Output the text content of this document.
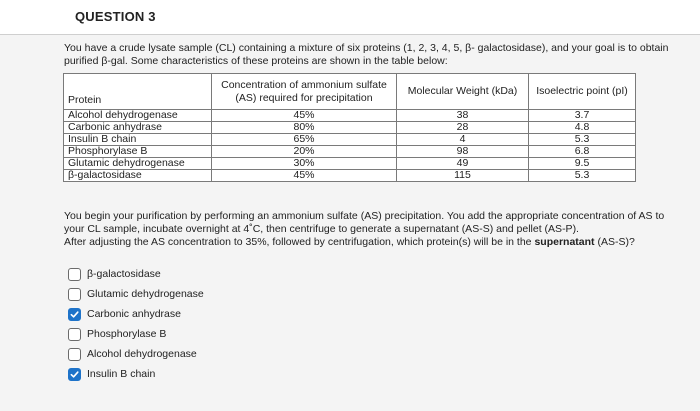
QUESTION 3
You have a crude lysate sample (CL) containing a mixture of six proteins (1, 2, 3, 4, 5, β- galactosidase), and your goal is to obtain purified β-gal. Some characteristics of these proteins are shown in the table below:
Protein	Concentration of ammonium sulfate (AS) required for precipitation	Molecular Weight (kDa)	Isoelectric point (pI)
Alcohol dehydrogenase	45%	38	3.7
Carbonic anhydrase	80%	28	4.8
Insulin B chain	65%	4	5.3
Phosphorylase B	20%	98	6.8
Glutamic dehydrogenase	30%	49	9.5
β-galactosidase	45%	115	5.3
You begin your purification by performing an ammonium sulfate (AS) precipitation. You add the appropriate concentration of AS to your CL sample, incubate overnight at 4˚C, then centrifuge to generate a supernatant (AS-S) and pellet (AS-P).
After adjusting the AS concentration to 35%, followed by centrifugation, which protein(s) will be in the supernatant (AS-S)?
β-galactosidase
Glutamic dehydrogenase
Carbonic anhydrase
Phosphorylase B
Alcohol dehydrogenase
Insulin B chain
